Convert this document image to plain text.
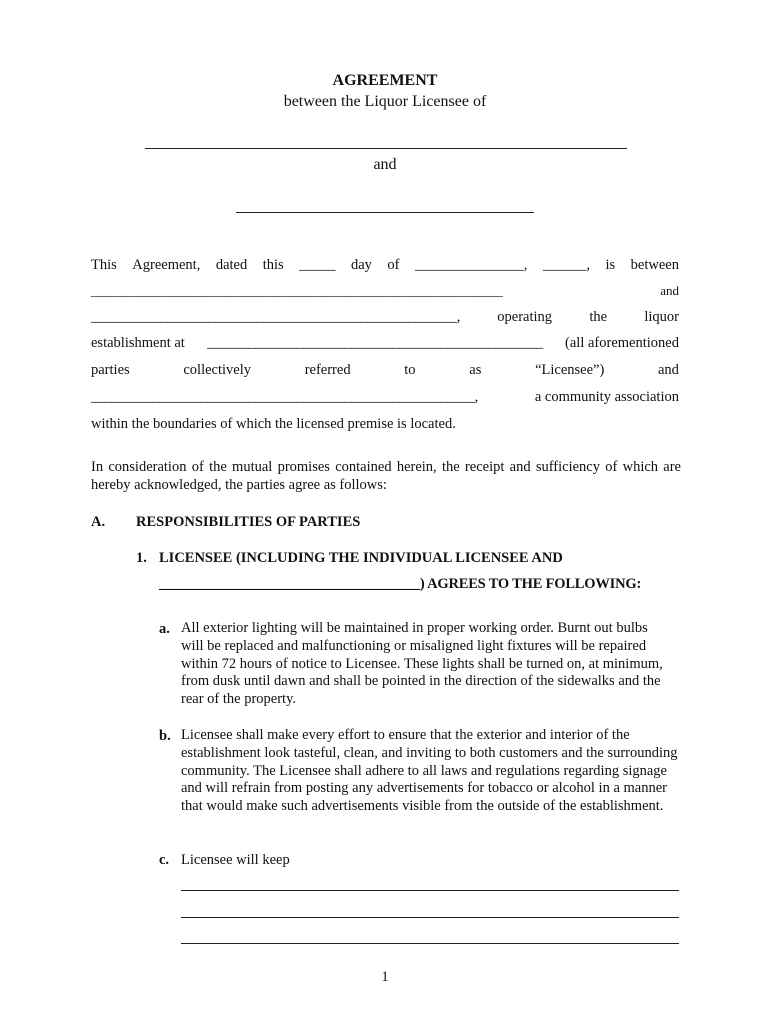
AGREEMENT
between the Liquor Licensee of
and
This Agreement, dated this _____ day of _______________, ______, is between
____________________________________________________________________	and
_____________________________________________________,	operating	the	liquor
establishment at _________________________________________________ (all aforementioned
parties	collectively	referred	to	as	“Licensee”)	and
________________________________________________________,	a community association
within the boundaries of which the licensed premise is located.
In consideration of the mutual promises contained herein, the receipt and sufficiency of which are hereby acknowledged, the parties agree as follows:
A. RESPONSIBILITIES OF PARTIES
1. LICENSEE (INCLUDING THE INDIVIDUAL LICENSEE AND
_____________________________________) AGREES TO THE FOLLOWING:
a. All exterior lighting will be maintained in proper working order. Burnt out bulbs will be replaced and malfunctioning or misaligned light fixtures will be repaired within 72 hours of notice to Licensee. These lights shall be turned on, at minimum, from dusk until dawn and shall be pointed in the direction of the sidewalks and the rear of the property.
b. Licensee shall make every effort to ensure that the exterior and interior of the establishment look tasteful, clean, and inviting to both customers and the surrounding community. The Licensee shall adhere to all laws and regulations regarding signage and will refrain from posting any advertisements for tobacco or alcohol in a manner that would make such advertisements visible from the outside of the establishment.
c. Licensee will keep
1
